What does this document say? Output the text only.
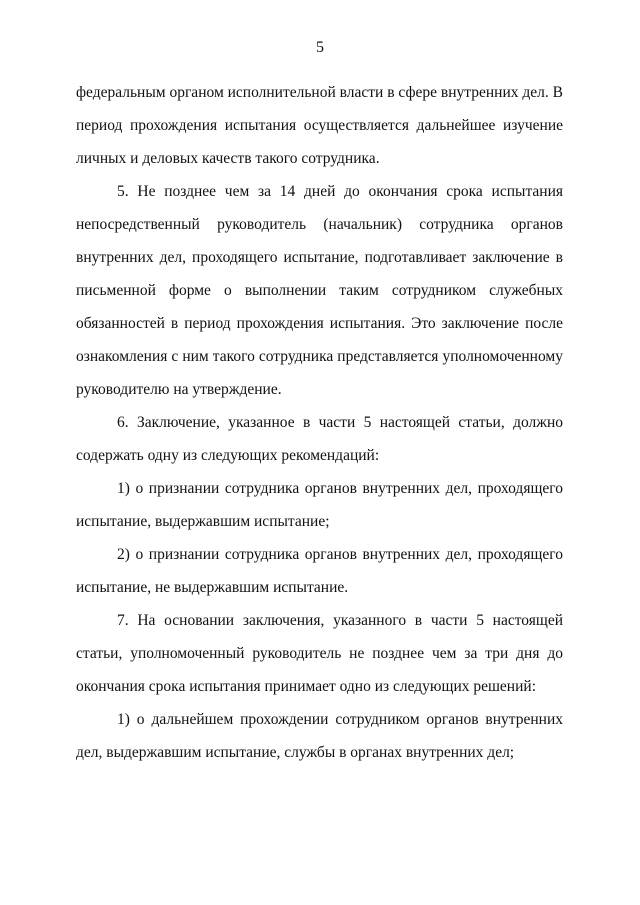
5

федеральным органом исполнительной власти в сфере внутренних дел. В период прохождения испытания осуществляется дальнейшее изучение личных и деловых качеств такого сотрудника.

5. Не позднее чем за 14 дней до окончания срока испытания непосредственный руководитель (начальник) сотрудника органов внутренних дел, проходящего испытание, подготавливает заключение в письменной форме о выполнении таким сотрудником служебных обязанностей в период прохождения испытания. Это заключение после ознакомления с ним такого сотрудника представляется уполномоченному руководителю на утверждение.

6. Заключение, указанное в части 5 настоящей статьи, должно содержать одну из следующих рекомендаций:

1) о признании сотрудника органов внутренних дел, проходящего испытание, выдержавшим испытание;

2) о признании сотрудника органов внутренних дел, проходящего испытание, не выдержавшим испытание.

7. На основании заключения, указанного в части 5 настоящей статьи, уполномоченный руководитель не позднее чем за три дня до окончания срока испытания принимает одно из следующих решений:

1) о дальнейшем прохождении сотрудником органов внутренних дел, выдержавшим испытание, службы в органах внутренних дел;
